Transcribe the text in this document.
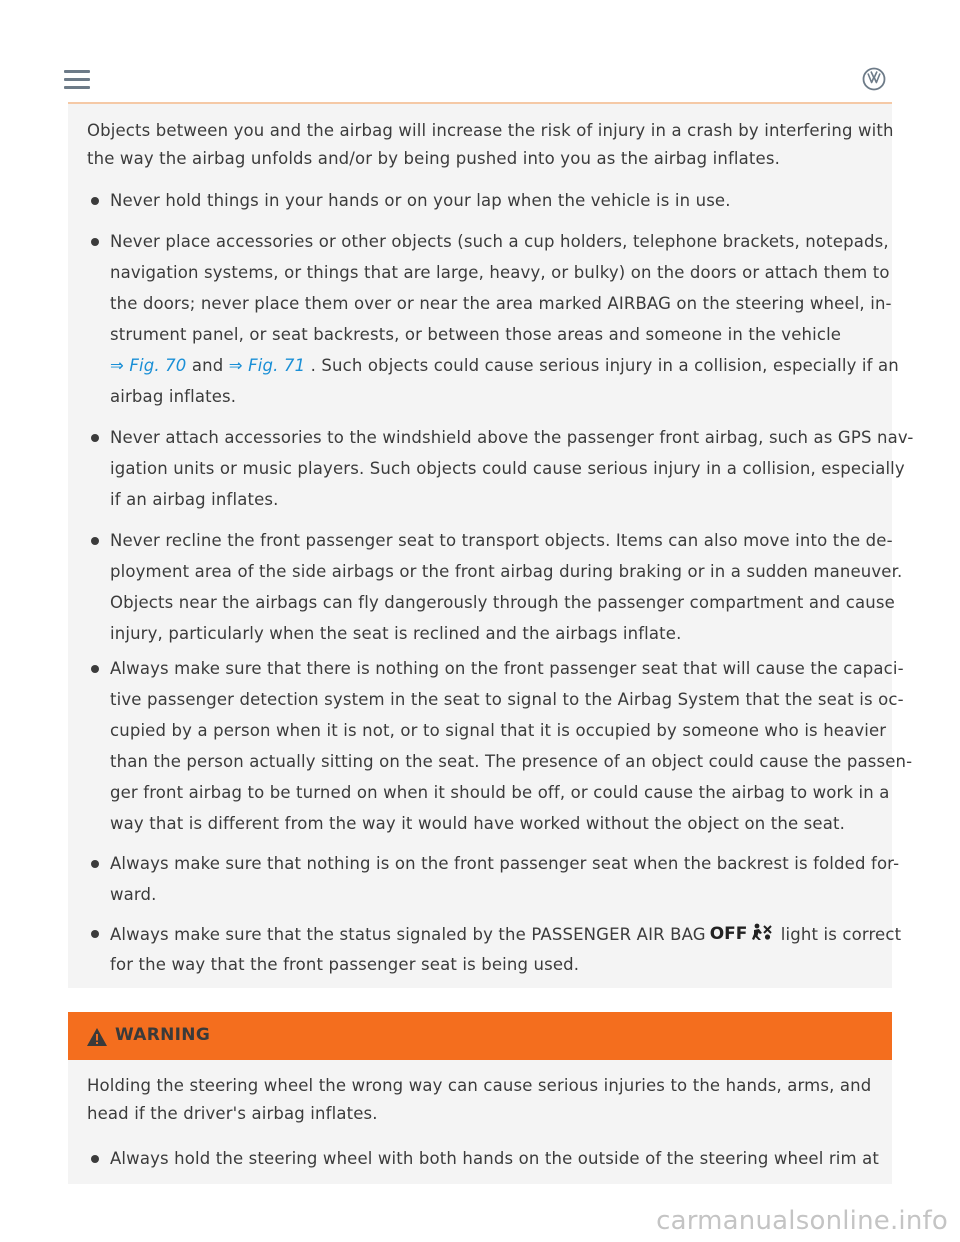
Objects between you and the airbag will increase the risk of injury in a crash by interfering with
the way the airbag unfolds and/or by being pushed into you as the airbag inflates.

Never hold things in your hands or on your lap when the vehicle is in use.
Never place accessories or other objects (such a cup holders, telephone brackets, notepads,
navigation systems, or things that are large, heavy, or bulky) on the doors or attach them to
the doors; never place them over or near the area marked AIRBAG on the steering wheel, in-
strument panel, or seat backrests, or between those areas and someone in the vehicle
⇒ Fig. 70 and ⇒ Fig. 71 . Such objects could cause serious injury in a collision, especially if an
airbag inflates.
Never attach accessories to the windshield above the passenger front airbag, such as GPS nav-
igation units or music players. Such objects could cause serious injury in a collision, especially
if an airbag inflates.
Never recline the front passenger seat to transport objects. Items can also move into the de-
ployment area of the side airbags or the front airbag during braking or in a sudden maneuver.
Objects near the airbags can fly dangerously through the passenger compartment and cause
injury, particularly when the seat is reclined and the airbags inflate.
Always make sure that there is nothing on the front passenger seat that will cause the capaci-
tive passenger detection system in the seat to signal to the Airbag System that the seat is oc-
cupied by a person when it is not, or to signal that it is occupied by someone who is heavier
than the person actually sitting on the seat. The presence of an object could cause the passen-
ger front airbag to be turned on when it should be off, or could cause the airbag to work in a
way that is different from the way it would have worked without the object on the seat.
Always make sure that nothing is on the front passenger seat when the backrest is folded for-
ward.
Always make sure that the status signaled by the PASSENGER AIR BAG OFF light is correct
for the way that the front passenger seat is being used.
WARNING

Holding the steering wheel the wrong way can cause serious injuries to the hands, arms, and
head if the driver's airbag inflates.

Always hold the steering wheel with both hands on the outside of the steering wheel rim at
carmanualsonline.info
